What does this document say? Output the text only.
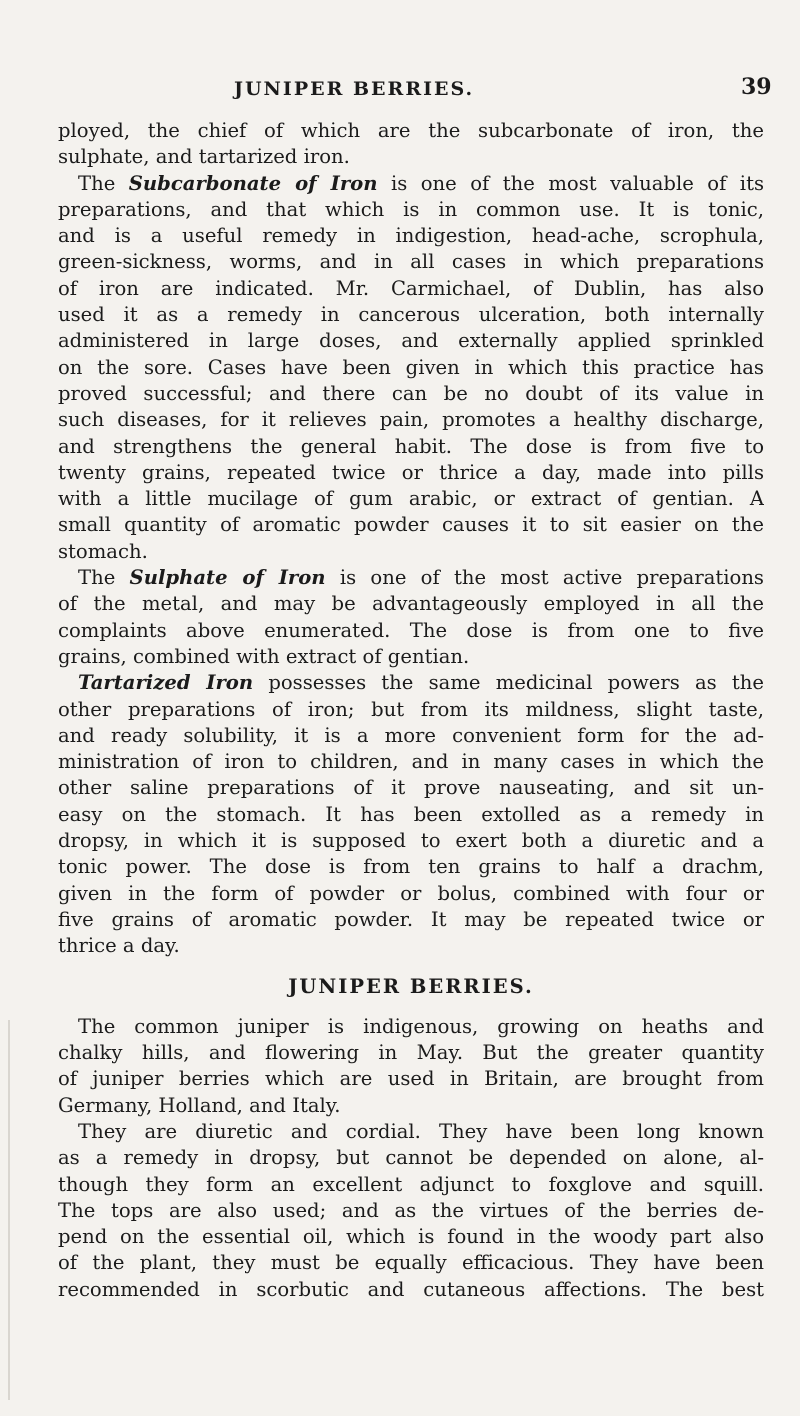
JUNIPER BERRIES.	39
ployed, the chief of which are the subcarbonate of iron, the
sulphate, and tartarized iron.
The Subcarbonate of Iron is one of the most valuable of its
preparations, and that which is in common use. It is tonic,
and is a useful remedy in indigestion, head-ache, scrophula,
green-sickness, worms, and in all cases in which preparations
of iron are indicated. Mr. Carmichael, of Dublin, has also
used it as a remedy in cancerous ulceration, both internally
administered in large doses, and externally applied sprinkled
on the sore. Cases have been given in which this practice has
proved successful; and there can be no doubt of its value in
such diseases, for it relieves pain, promotes a healthy discharge,
and strengthens the general habit. The dose is from five to
twenty grains, repeated twice or thrice a day, made into pills
with a little mucilage of gum arabic, or extract of gentian. A
small quantity of aromatic powder causes it to sit easier on the
stomach.
The Sulphate of Iron is one of the most active preparations
of the metal, and may be advantageously employed in all the
complaints above enumerated. The dose is from one to five
grains, combined with extract of gentian.
Tartarized Iron possesses the same medicinal powers as the
other preparations of iron; but from its mildness, slight taste,
and ready solubility, it is a more convenient form for the ad-
ministration of iron to children, and in many cases in which the
other saline preparations of it prove nauseating, and sit un-
easy on the stomach. It has been extolled as a remedy in
dropsy, in which it is supposed to exert both a diuretic and a
tonic power. The dose is from ten grains to half a drachm,
given in the form of powder or bolus, combined with four or
five grains of aromatic powder. It may be repeated twice or
thrice a day.
JUNIPER BERRIES.
The common juniper is indigenous, growing on heaths and
chalky hills, and flowering in May. But the greater quantity
of juniper berries which are used in Britain, are brought from
Germany, Holland, and Italy.
They are diuretic and cordial. They have been long known
as a remedy in dropsy, but cannot be depended on alone, al-
though they form an excellent adjunct to foxglove and squill.
The tops are also used; and as the virtues of the berries de-
pend on the essential oil, which is found in the woody part also
of the plant, they must be equally efficacious. They have been
recommended in scorbutic and cutaneous affections. The best
